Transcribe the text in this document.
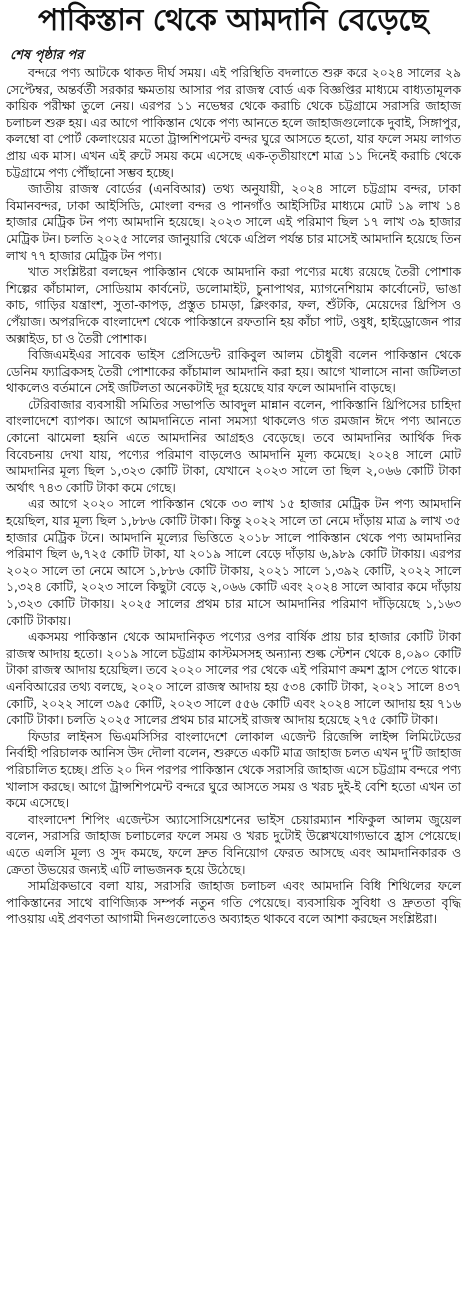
পাকিস্তান থেকে আমদানি বেড়েছে
শেষ পৃষ্ঠার পর

বন্দরে পণ্য আটকে থাকত দীর্ঘ সময়। এই পরিস্থিতি বদলাতে শুরু করে ২০২৪ সালের ২৯ সেপ্টেম্বর, অন্তর্বর্তী সরকার ক্ষমতায় আসার পর রাজস্ব বোর্ড এক বিজ্ঞপ্তির মাধ্যমে বাধ্যতামূলক কায়িক পরীক্ষা তুলে নেয়। এরপর ১১ নভেম্বর থেকে করাচি থেকে চট্টগ্রামে সরাসরি জাহাজ চলাচল শুরু হয়। এর আগে পাকিস্তান থেকে পণ্য আনতে হলে জাহাজগুলোকে দুবাই, সিঙ্গাপুর, কলম্বো বা পোর্ট কেলাংয়ের মতো ট্রান্সশিপমেন্ট বন্দর ঘুরে আসতে হতো, যার ফলে সময় লাগত প্রায় এক মাস। এখন এই রুটে সময় কমে এসেছে এক-তৃতীয়াংশে মাত্র ১১ দিনেই করাচি থেকে চট্টগ্রামে পণ্য পৌঁছানো সম্ভব হচ্ছে।

জাতীয় রাজস্ব বোর্ডের (এনবিআর) তথ্য অনুযায়ী, ২০২৪ সালে চট্টগ্রাম বন্দর, ঢাকা বিমানবন্দর, ঢাকা আইসিডি, মোংলা বন্দর ও পানগাঁও আইসিটির মাধ্যমে মোট ১৯ লাখ ১৪ হাজার মেট্রিক টন পণ্য আমদানি হয়েছে। ২০২৩ সালে এই পরিমাণ ছিল ১৭ লাখ ৩৯ হাজার মেট্রিক টন। চলতি ২০২৫ সালের জানুয়ারি থেকে এপ্রিল পর্যন্ত চার মাসেই আমদানি হয়েছে তিন লাখ ৭৭ হাজার মেট্রিক টন পণ্য।

খাত সংশ্লিষ্টরা বলছেন পাকিস্তান থেকে আমদানি করা পণ্যের মধ্যে রয়েছে তৈরী পোশাক শিল্পের কাঁচামাল, সোডিয়াম কার্বনেট, ডলোমাইট, চুনাপাথর, ম্যাগনেশিয়াম কার্বোনেট, ভাঙা কাচ, গাড়ির যন্ত্রাংশ, সুতা-কাপড়, প্রস্তুত চামড়া, ক্লিংকার, ফল, শুঁটকি, মেয়েদের থ্রিপিস ও পেঁয়াজ। অপরদিকে বাংলাদেশ থেকে পাকিস্তানে রফতানি হয় কাঁচা পাট, ওষুধ, হাইড্রোজেন পার অক্সাইড, চা ও তৈরী পোশাক।

বিজিএমইএর সাবেক ভাইস প্রেসিডেন্ট রাকিবুল আলম চৌধুরী বলেন পাকিস্তান থেকে ডেনিম ফ্যাব্রিকসহ তৈরী পোশাকের কাঁচামাল আমদানি করা হয়। আগে খালাসে নানা জটিলতা থাকলেও বর্তমানে সেই জটিলতা অনেকটাই দূর হয়েছে যার ফলে আমদানি বাড়ছে।

টেরিবাজার ব্যবসায়ী সমিতির সভাপতি আবদুল মান্নান বলেন, পাকিস্তানি থ্রিপিসের চাহিদা বাংলাদেশে ব্যাপক। আগে আমদানিতে নানা সমস্যা থাকলেও গত রমজান ঈদে পণ্য আনতে কোনো ঝামেলা হয়নি এতে আমদানির আগ্রহও বেড়েছে। তবে আমদানির আর্থিক দিক বিবেচনায় দেখা যায়, পণ্যের পরিমাণ বাড়লেও আমদানি মূল্য কমেছে। ২০২৪ সালে মোট আমদানির মূল্য ছিল ১,৩২৩ কোটি টাকা, যেখানে ২০২৩ সালে তা ছিল ২,০৬৬ কোটি টাকা অর্থাৎ ৭৪৩ কোটি টাকা কমে গেছে।

এর আগে ২০২০ সালে পাকিস্তান থেকে ৩৩ লাখ ১৫ হাজার মেট্রিক টন পণ্য আমদানি হয়েছিল, যার মূল্য ছিল ১,৮৮৬ কোটি টাকা। কিন্তু ২০২২ সালে তা নেমে দাঁড়ায় মাত্র ৯ লাখ ৩৫ হাজার মেট্রিক টনে। আমদানি মূল্যের ভিত্তিতে ২০১৮ সালে পাকিস্তান থেকে পণ্য আমদানির পরিমাণ ছিল ৬,৭২৫ কোটি টাকা, যা ২০১৯ সালে বেড়ে দাঁড়ায় ৬,৯৮৯ কোটি টাকায়। এরপর ২০২০ সালে তা নেমে আসে ১,৮৮৬ কোটি টাকায়, ২০২১ সালে ১,৩৯২ কোটি, ২০২২ সালে ১,৩২৪ কোটি, ২০২৩ সালে কিছুটা বেড়ে ২,০৬৬ কোটি এবং ২০২৪ সালে আবার কমে দাঁড়ায় ১,৩২৩ কোটি টাকায়। ২০২৫ সালের প্রথম চার মাসে আমদানির পরিমাণ দাঁড়িয়েছে ১,১৬৩ কোটি টাকায়।

একসময় পাকিস্তান থেকে আমদানিকৃত পণ্যের ওপর বার্ষিক প্রায় চার হাজার কোটি টাকা রাজস্ব আদায় হতো। ২০১৯ সালে চট্টগ্রাম কাস্টমসসহ অন্যান্য শুল্ক স্টেশন থেকে ৪,০৯০ কোটি টাকা রাজস্ব আদায় হয়েছিল। তবে ২০২০ সালের পর থেকে এই পরিমাণ ক্রমশ হ্রাস পেতে থাকে। এনবিআরের তথ্য বলছে, ২০২০ সালে রাজস্ব আদায় হয় ৫৩৪ কোটি টাকা, ২০২১ সালে ৪৩৭ কোটি, ২০২২ সালে ৩৯৫ কোটি, ২০২৩ সালে ৫৫৬ কোটি এবং ২০২৪ সালে আদায় হয় ৭১৬ কোটি টাকা। চলতি ২০২৫ সালের প্রথম চার মাসেই রাজস্ব আদায় হয়েছে ২৭৫ কোটি টাকা।

ফিডার লাইনস ভিএমসিসির বাংলাদেশে লোকাল এজেন্ট রিজেন্সি লাইন্স লিমিটেডের নির্বাহী পরিচালক আনিস উদ দৌলা বলেন, শুরুতে একটি মাত্র জাহাজ চলত এখন দু’টি জাহাজ পরিচালিত হচ্ছে। প্রতি ২০ দিন পরপর পাকিস্তান থেকে সরাসরি জাহাজ এসে চট্টগ্রাম বন্দরে পণ্য খালাস করছে। আগে ট্রান্সশিপমেন্ট বন্দরে ঘুরে আসতে সময় ও খরচ দুই-ই বেশি হতো এখন তা কমে এসেছে।

বাংলাদেশ শিপিং এজেন্টস অ্যাসোসিয়েশনের ভাইস চেয়ারম্যান শফিকুল আলম জুয়েল বলেন, সরাসরি জাহাজ চলাচলের ফলে সময় ও খরচ দুটোই উল্লেখযোগ্যভাবে হ্রাস পেয়েছে। এতে এলসি মূল্য ও সুদ কমছে, ফলে দ্রুত বিনিয়োগ ফেরত আসছে এবং আমদানিকারক ও ক্রেতা উভয়ের জন্যই এটি লাভজনক হয়ে উঠেছে।

সামগ্রিকভাবে বলা যায়, সরাসরি জাহাজ চলাচল এবং আমদানি বিধি শিথিলের ফলে পাকিস্তানের সাথে বাণিজ্যিক সম্পর্ক নতুন গতি পেয়েছে। ব্যবসায়িক সুবিধা ও দ্রুততা বৃদ্ধি পাওয়ায় এই প্রবণতা আগামী দিনগুলোতেও অব্যাহত থাকবে বলে আশা করছেন সংশ্লিষ্টরা।
